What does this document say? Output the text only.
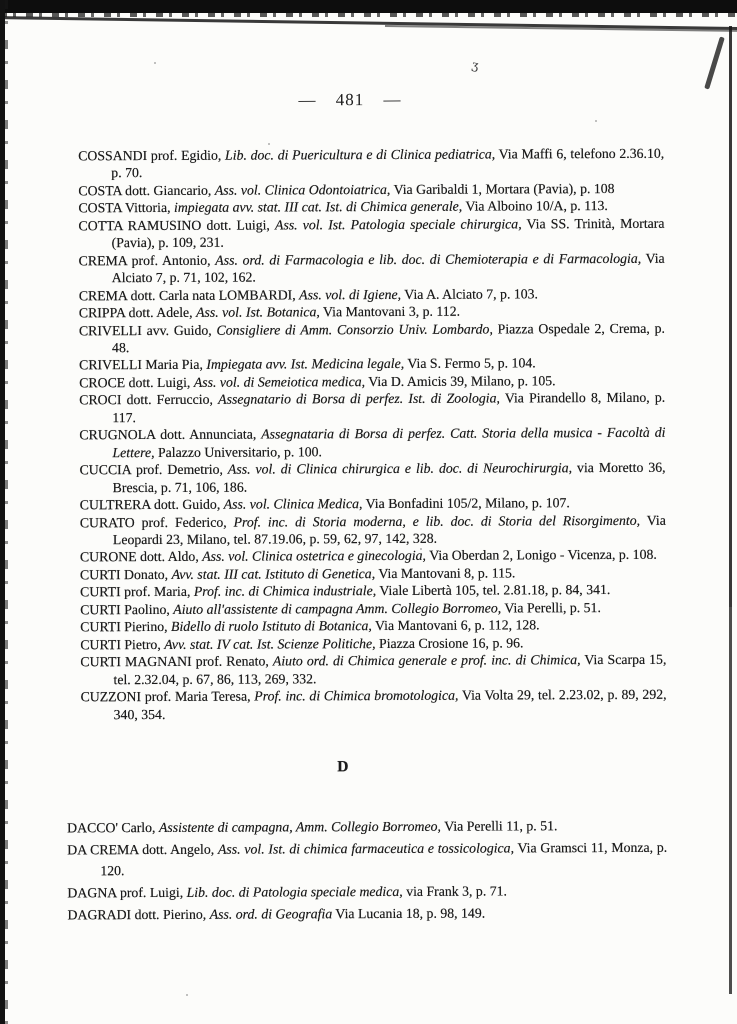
ʒ
— 481 —

COSSANDI prof. Egidio, Lib. doc. di Puericultura e di Clinica pediatrica, Via Maffi 6, telefono 2.36.10, p. 70.

COSTA dott. Giancario, Ass. vol. Clinica Odontoiatrica, Via Garibaldi 1, Mortara (Pavia), p. 108

COSTA Vittoria, impiegata avv. stat. III cat. Ist. di Chimica generale, Via Alboino 10/A, p. 113.

COTTA RAMUSINO dott. Luigi, Ass. vol. Ist. Patologia speciale chirurgica, Via SS. Trinità, Mortara (Pavia), p. 109, 231.

CREMA prof. Antonio, Ass. ord. di Farmacologia e lib. doc. di Chemioterapia e di Farmacologia, Via Alciato 7, p. 71, 102, 162.

CREMA dott. Carla nata LOMBARDI, Ass. vol. di Igiene, Via A. Alciato 7, p. 103.

CRIPPA dott. Adele, Ass. vol. Ist. Botanica, Via Mantovani 3, p. 112.

CRIVELLI avv. Guido, Consigliere di Amm. Consorzio Univ. Lombardo, Piazza Ospedale 2, Crema, p. 48.

CRIVELLI Maria Pia, Impiegata avv. Ist. Medicina legale, Via S. Fermo 5, p. 104.

CROCE dott. Luigi, Ass. vol. di Semeiotica medica, Via D. Amicis 39, Milano, p. 105.

CROCI dott. Ferruccio, Assegnatario di Borsa di perfez. Ist. di Zoologia, Via Pirandello 8, Milano, p. 117.

CRUGNOLA dott. Annunciata, Assegnataria di Borsa di perfez. Catt. Storia della musica - Facoltà di Lettere, Palazzo Universitario, p. 100.

CUCCIA prof. Demetrio, Ass. vol. di Clinica chirurgica e lib. doc. di Neurochirurgia, via Moretto 36, Brescia, p. 71, 106, 186.

CULTRERA dott. Guido, Ass. vol. Clinica Medica, Via Bonfadini 105/2, Milano, p. 107.

CURATO prof. Federico, Prof. inc. di Storia moderna, e lib. doc. di Storia del Risorgimento, Via Leopardi 23, Milano, tel. 87.19.06, p. 59, 62, 97, 142, 328.

CURONE dott. Aldo, Ass. vol. Clinica ostetrica e ginecologia, Via Oberdan 2, Lonigo - Vicenza, p. 108.

CURTI Donato, Avv. stat. III cat. Istituto di Genetica, Via Mantovani 8, p. 115.

CURTI prof. Maria, Prof. inc. di Chimica industriale, Viale Libertà 105, tel. 2.81.18, p. 84, 341.

CURTI Paolino, Aiuto all'assistente di campagna Amm. Collegio Borromeo, Via Perelli, p. 51.

CURTI Pierino, Bidello di ruolo Istituto di Botanica, Via Mantovani 6, p. 112, 128.

CURTI Pietro, Avv. stat. IV cat. Ist. Scienze Politiche, Piazza Crosione 16, p. 96.

CURTI MAGNANI prof. Renato, Aiuto ord. di Chimica generale e prof. inc. di Chimica, Via Scarpa 15, tel. 2.32.04, p. 67, 86, 113, 269, 332.

CUZZONI prof. Maria Teresa, Prof. inc. di Chimica bromotologica, Via Volta 29, tel. 2.23.02, p. 89, 292, 340, 354.

D

DACCO' Carlo, Assistente di campagna, Amm. Collegio Borromeo, Via Perelli 11, p. 51.

DA CREMA dott. Angelo, Ass. vol. Ist. di chimica farmaceutica e tossicologica, Via Gramsci 11, Monza, p. 120.

DAGNA prof. Luigi, Lib. doc. di Patologia speciale medica, via Frank 3, p. 71.

DAGRADI dott. Pierino, Ass. ord. di Geografia Via Lucania 18, p. 98, 149.
